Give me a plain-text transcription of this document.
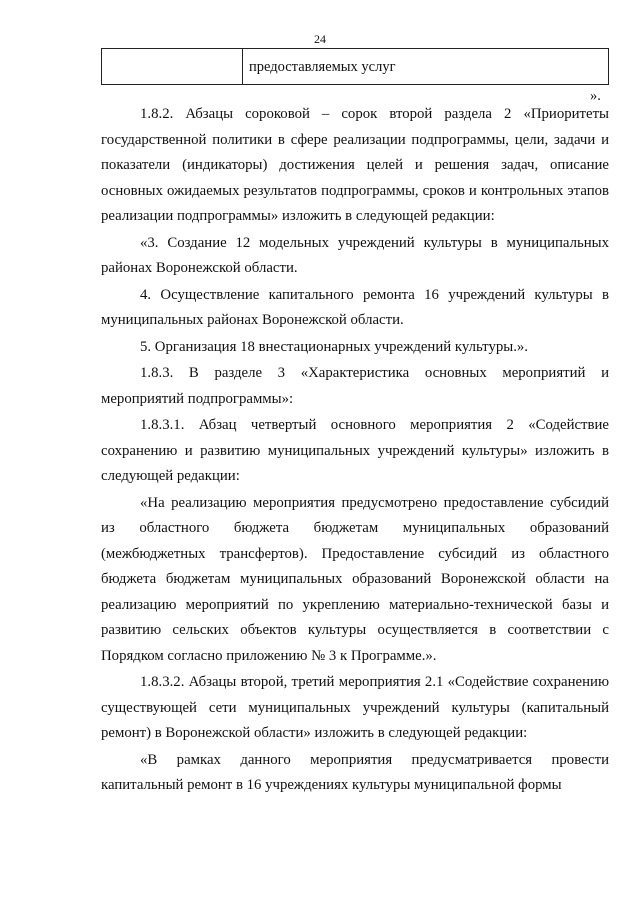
24
	предоставляемых услуг
».

1.8.2. Абзацы сороковой – сорок второй раздела 2 «Приоритеты государственной политики в сфере реализации подпрограммы, цели, задачи и показатели (индикаторы) достижения целей и решения задач, описание основных ожидаемых результатов подпрограммы, сроков и контрольных этапов реализации подпрограммы» изложить в следующей редакции:

«3. Создание 12 модельных учреждений культуры в муниципальных районах Воронежской области.

4. Осуществление капитального ремонта 16 учреждений культуры в муниципальных районах Воронежской области.

5. Организация 18 внестационарных учреждений культуры.».

1.8.3. В разделе 3 «Характеристика основных мероприятий и мероприятий подпрограммы»:

1.8.3.1. Абзац четвертый основного мероприятия 2 «Содействие сохранению и развитию муниципальных учреждений культуры» изложить в следующей редакции:

«На реализацию мероприятия предусмотрено предоставление субсидий из областного бюджета бюджетам муниципальных образований (межбюджетных трансфертов). Предоставление субсидий из областного бюджета бюджетам муниципальных образований Воронежской области на реализацию мероприятий по укреплению материально-технической базы и развитию сельских объектов культуры осуществляется в соответствии с Порядком согласно приложению № 3 к Программе.».

1.8.3.2. Абзацы второй, третий мероприятия 2.1 «Содействие сохранению существующей сети муниципальных учреждений культуры (капитальный ремонт) в Воронежской области» изложить в следующей редакции:

«В рамках данного мероприятия предусматривается провести капитальный ремонт в 16 учреждениях культуры муниципальной формы
